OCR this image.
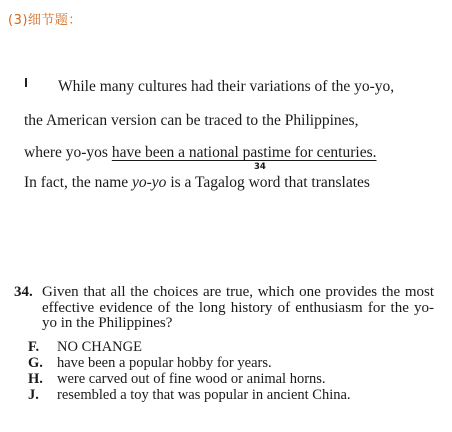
(3)细节题：
While many cultures had their variations of the yo-yo,
the American version can be traced to the Philippines,
where yo-yos have been a national pastime for centuries.
34
In fact, the name yo-yo is a Tagalog word that translates
34. Given that all the choices are true, which one provides the most effective evidence of the long history of enthusiasm for the yo-yo in the Philippines?
F. NO CHANGE
G. have been a popular hobby for years.
H. were carved out of fine wood or animal horns.
J. resembled a toy that was popular in ancient China.
